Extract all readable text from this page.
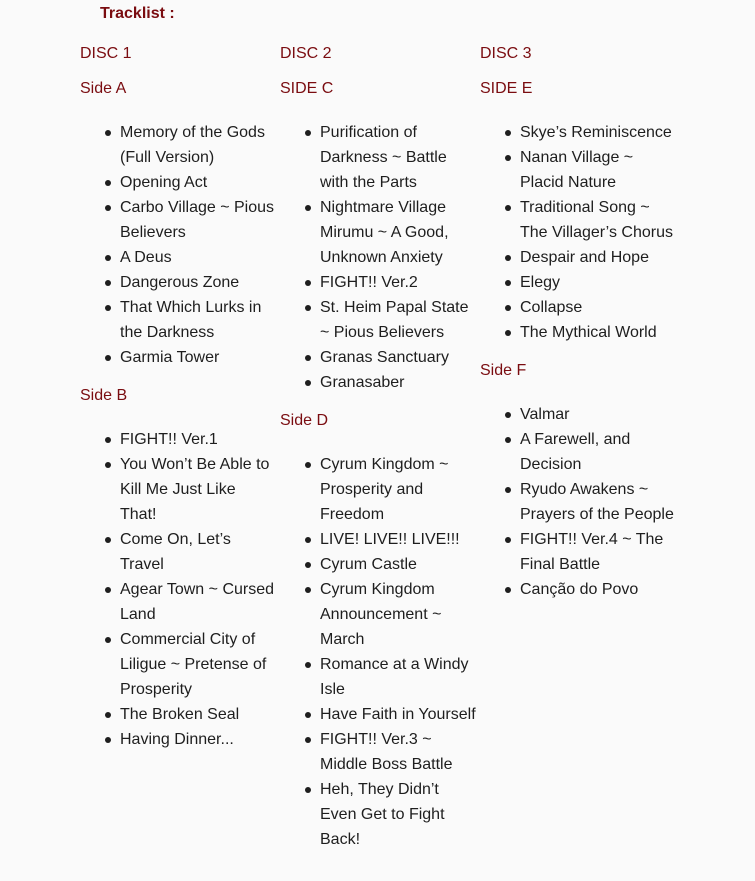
Tracklist :
DISC 1
Side A
Memory of the Gods (Full Version)
Opening Act
Carbo Village ~ Pious Believers
A Deus
Dangerous Zone
That Which Lurks in the Darkness
Garmia Tower
Side B
FIGHT!! Ver.1
You Won’t Be Able to Kill Me Just Like That!
Come On, Let’s Travel
Agear Town ~ Cursed Land
Commercial City of Liligue ~ Pretense of Prosperity
The Broken Seal
Having Dinner...
DISC 2
SIDE C
Purification of Darkness ~ Battle with the Parts
Nightmare Village Mirumu ~ A Good, Unknown Anxiety
FIGHT!! Ver.2
St. Heim Papal State ~ Pious Believers
Granas Sanctuary
Granasaber
Side D
Cyrum Kingdom ~ Prosperity and Freedom
LIVE! LIVE!! LIVE!!!
Cyrum Castle
Cyrum Kingdom Announcement ~ March
Romance at a Windy Isle
Have Faith in Yourself
FIGHT!! Ver.3 ~ Middle Boss Battle
Heh, They Didn’t Even Get to Fight Back!
DISC 3
SIDE E
Skye’s Reminiscence
Nanan Village ~ Placid Nature
Traditional Song ~ The Villager’s Chorus
Despair and Hope
Elegy
Collapse
The Mythical World
Side F
Valmar
A Farewell, and Decision
Ryudo Awakens ~ Prayers of the People
FIGHT!! Ver.4 ~ The Final Battle
Canção do Povo
